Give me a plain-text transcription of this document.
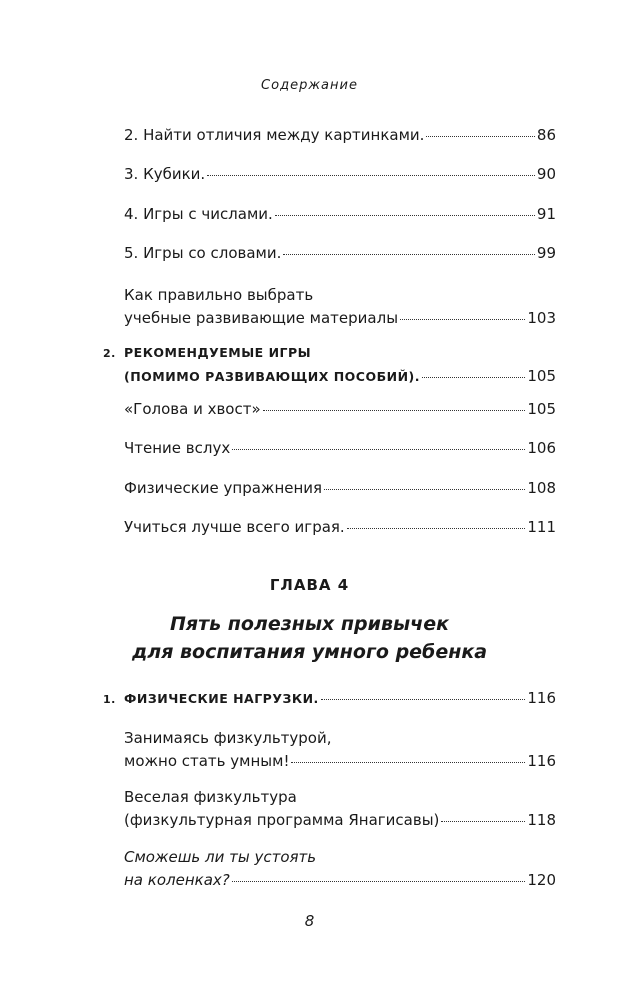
Содержание
2. Найти отличия между картинками.	86
3. Кубики.	90
4. Игры с числами.	91
5. Игры со словами.	99
Как правильно выбрать
учебные развивающие материалы	103
2. РЕКОМЕНДУЕМЫЕ ИГРЫ
(ПОМИМО РАЗВИВАЮЩИХ ПОСОБИЙ).	105
«Голова и хвост»	105
Чтение вслух	106
Физические упражнения	108
Учиться лучше всего играя.	111
ГЛАВА 4
Пять полезных привычек
для воспитания умного ребенка
1. ФИЗИЧЕСКИЕ НАГРУЗКИ.	116
Занимаясь физкультурой,
можно стать умным!	116
Веселая физкультура
(физкультурная программа Янагисавы)	118
Сможешь ли ты устоять
на коленках?	120
8
